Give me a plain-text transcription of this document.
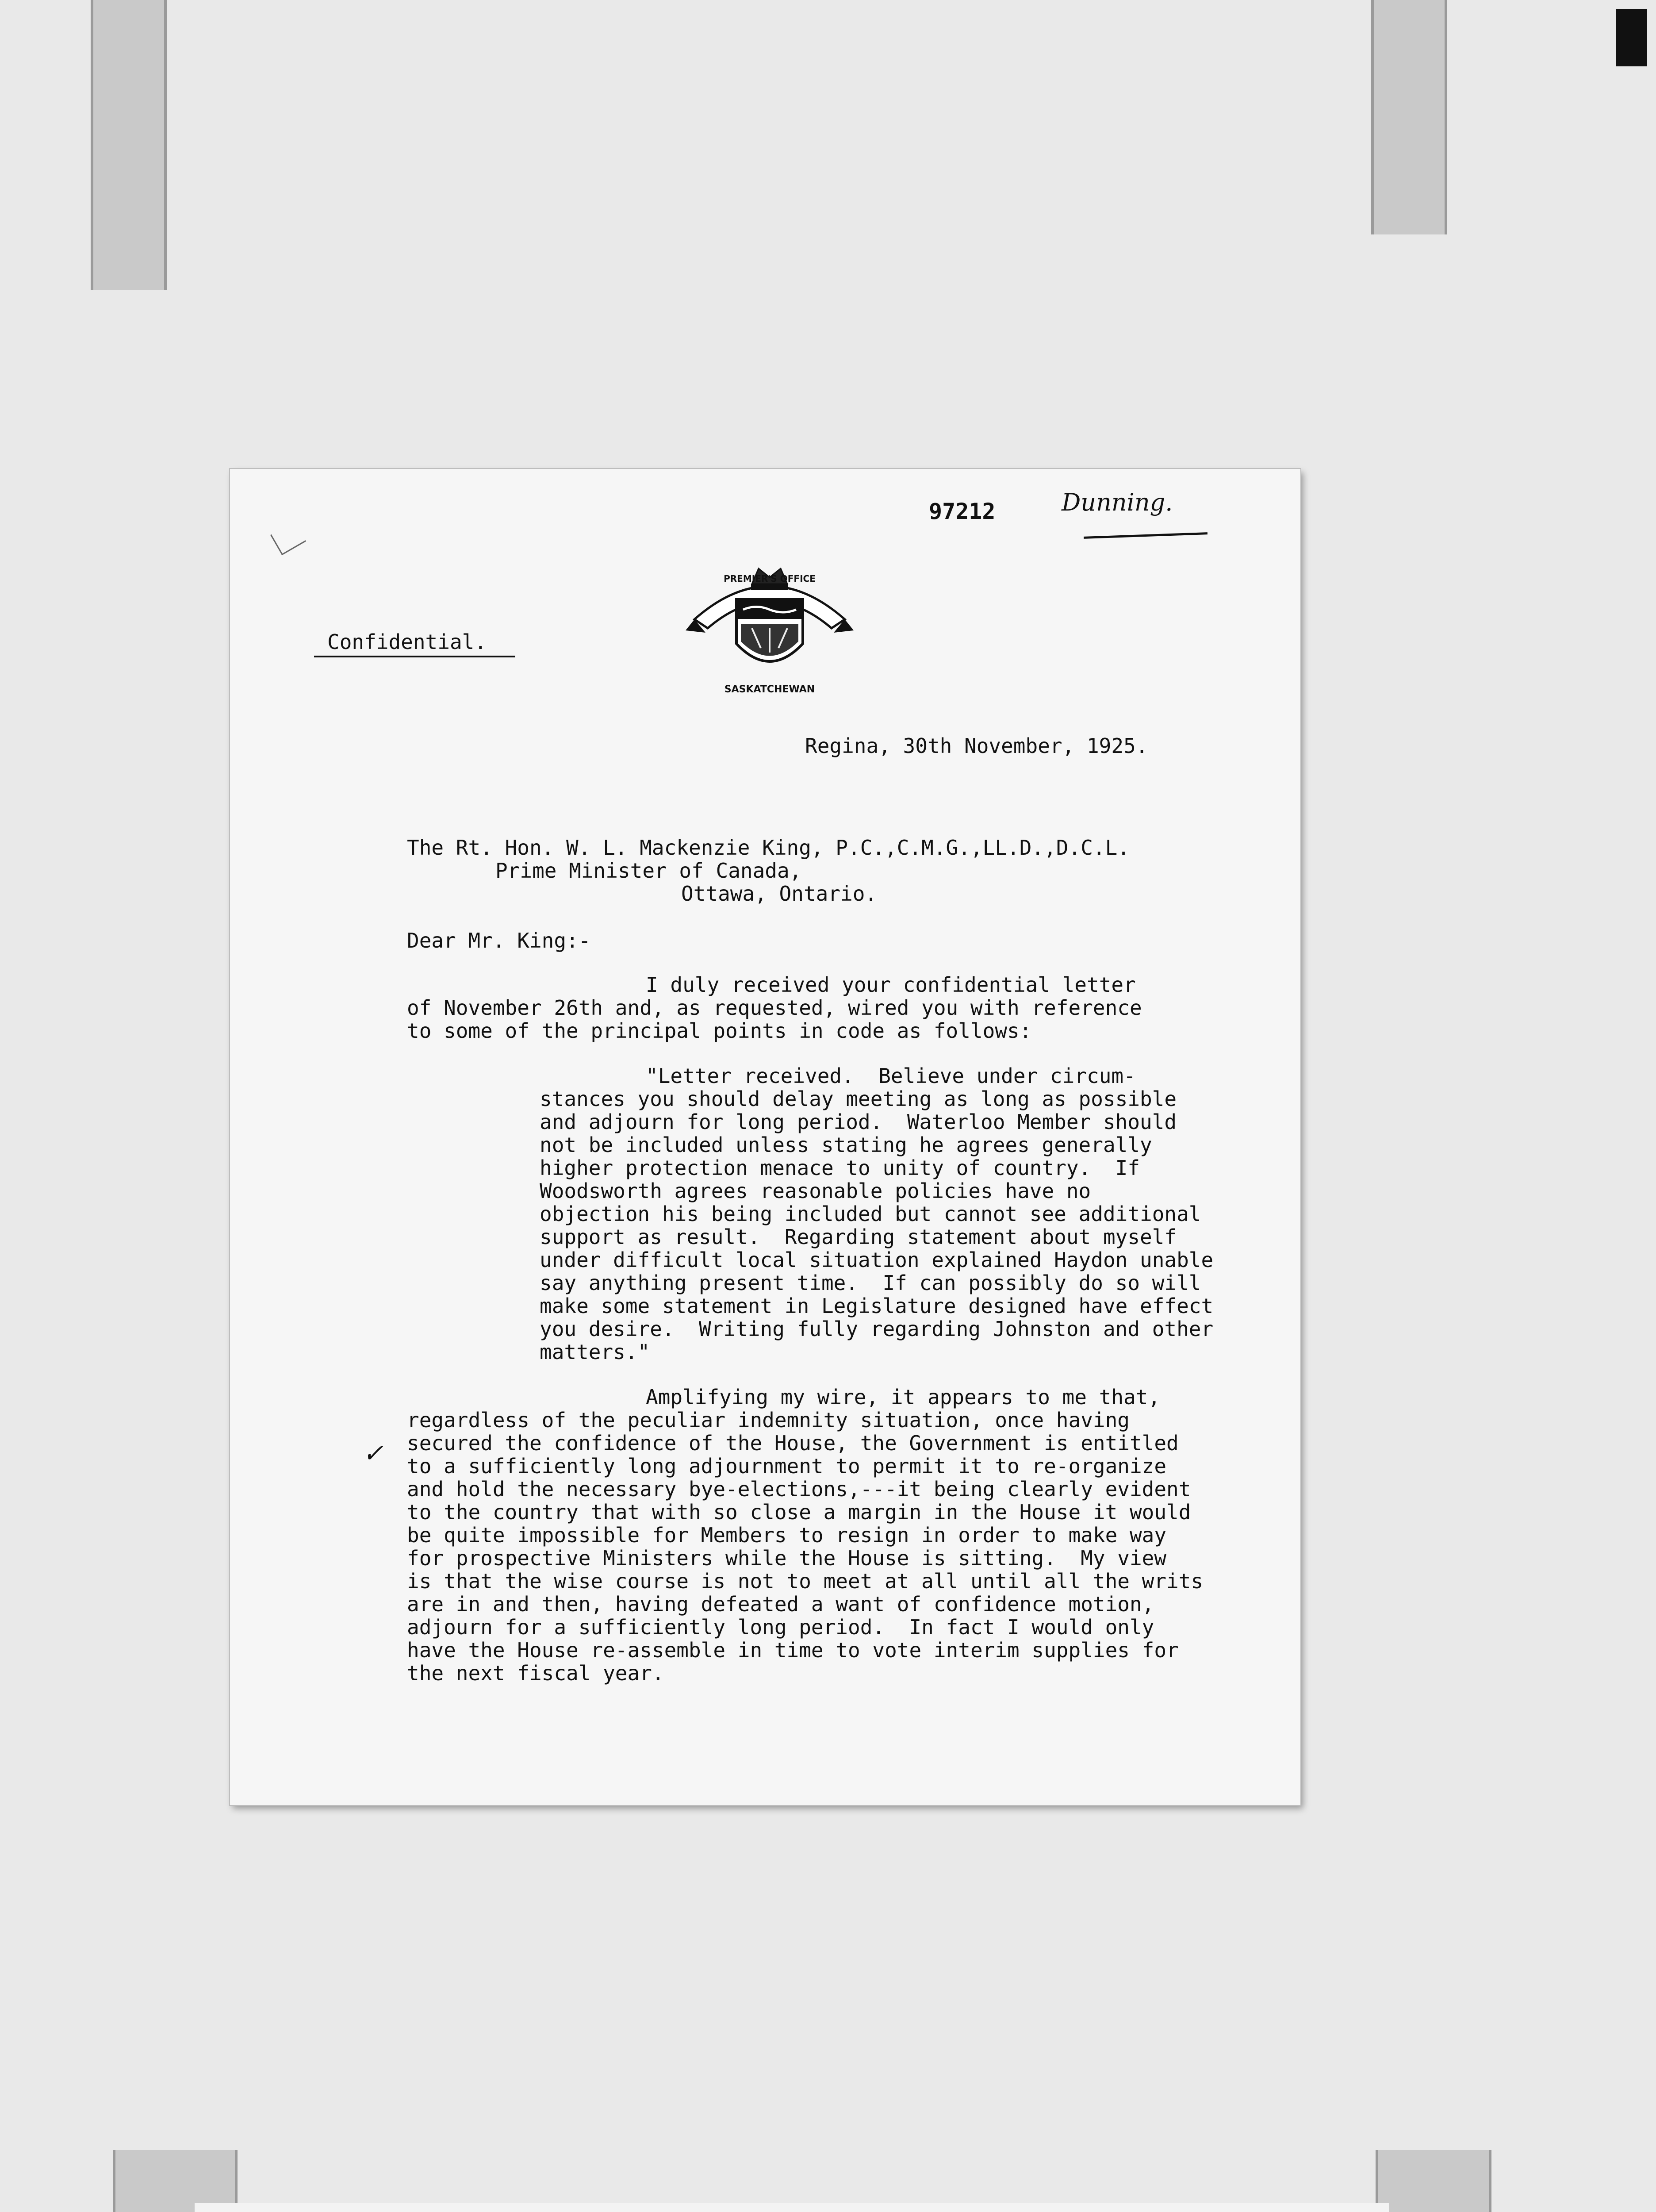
97212	Dunning.
Confidential.
SASKATCHEWAN
PREMIER'S OFFICE
Regina, 30th November, 1925.
The Rt. Hon. W. L. Mackenzie King, P.C.,C.M.G.,LL.D.,D.C.L.
Prime Minister of Canada,
Ottawa, Ontario.
Dear Mr. King:-
I duly received your confidential letter
of November 26th and, as requested, wired you with reference
to some of the principal points in code as follows:
"Letter received.  Believe under circum-
stances you should delay meeting as long as possible
and adjourn for long period.  Waterloo Member should
not be included unless stating he agrees generally
higher protection menace to unity of country.  If
Woodsworth agrees reasonable policies have no
objection his being included but cannot see additional
support as result.  Regarding statement about myself
under difficult local situation explained Haydon unable
say anything present time.  If can possibly do so will
make some statement in Legislature designed have effect
you desire.  Writing fully regarding Johnston and other
matters."
✓
Amplifying my wire, it appears to me that,
regardless of the peculiar indemnity situation, once having
secured the confidence of the House, the Government is entitled
to a sufficiently long adjournment to permit it to re-organize
and hold the necessary bye-elections,---it being clearly evident
to the country that with so close a margin in the House it would
be quite impossible for Members to resign in order to make way
for prospective Ministers while the House is sitting.  My view
is that the wise course is not to meet at all until all the writs
are in and then, having defeated a want of confidence motion,
adjourn for a sufficiently long period.  In fact I would only
have the House re-assemble in time to vote interim supplies for
the next fiscal year.
